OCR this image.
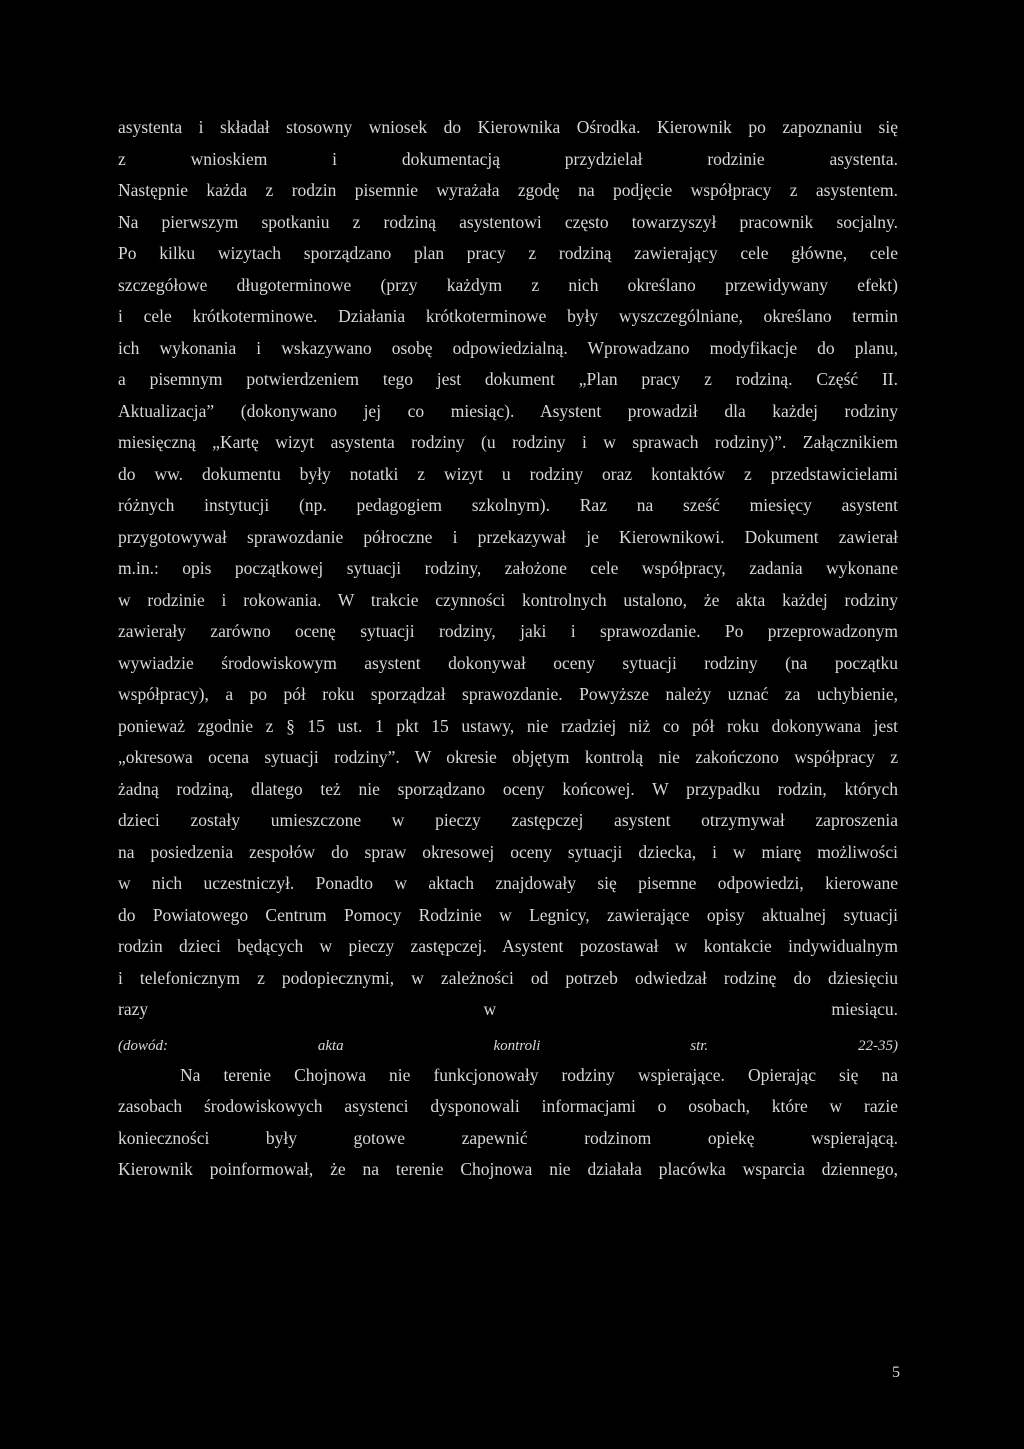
asystenta i składał stosowny wniosek do Kierownika Ośrodka. Kierownik po zapoznaniu się
z wnioskiem i dokumentacją przydzielał rodzinie asystenta.
Następnie każda z rodzin pisemnie wyrażała zgodę na podjęcie współpracy z asystentem.
Na pierwszym spotkaniu z rodziną asystentowi często towarzyszył pracownik socjalny.
Po kilku wizytach sporządzano plan pracy z rodziną zawierający cele główne, cele
szczegółowe długoterminowe (przy każdym z nich określano przewidywany efekt)
i cele krótkoterminowe. Działania krótkoterminowe były wyszczególniane, określano termin
ich wykonania i wskazywano osobę odpowiedzialną. Wprowadzano modyfikacje do planu,
a pisemnym potwierdzeniem tego jest dokument „Plan pracy z rodziną. Część II.
Aktualizacja” (dokonywano jej co miesiąc). Asystent prowadził dla każdej rodziny
miesięczną „Kartę wizyt asystenta rodziny (u rodziny i w sprawach rodziny)”. Załącznikiem
do ww. dokumentu były notatki z wizyt u rodziny oraz kontaktów z przedstawicielami
różnych instytucji (np. pedagogiem szkolnym). Raz na sześć miesięcy asystent
przygotowywał sprawozdanie półroczne i przekazywał je Kierownikowi. Dokument zawierał
m.in.: opis początkowej sytuacji rodziny, założone cele współpracy, zadania wykonane
w rodzinie i rokowania. W trakcie czynności kontrolnych ustalono, że akta każdej rodziny
zawierały zarówno ocenę sytuacji rodziny, jaki i sprawozdanie. Po przeprowadzonym
wywiadzie środowiskowym asystent dokonywał oceny sytuacji rodziny (na początku
współpracy), a po pół roku sporządzał sprawozdanie. Powyższe należy uznać za uchybienie,
ponieważ zgodnie z § 15 ust. 1 pkt 15 ustawy, nie rzadziej niż co pół roku dokonywana jest
„okresowa ocena sytuacji rodziny”. W okresie objętym kontrolą nie zakończono współpracy z
żadną rodziną, dlatego też nie sporządzano oceny końcowej. W przypadku rodzin, których
dzieci zostały umieszczone w pieczy zastępczej asystent otrzymywał zaproszenia
na posiedzenia zespołów do spraw okresowej oceny sytuacji dziecka, i w miarę możliwości
w nich uczestniczył. Ponadto w aktach znajdowały się pisemne odpowiedzi, kierowane
do Powiatowego Centrum Pomocy Rodzinie w Legnicy, zawierające opisy aktualnej sytuacji
rodzin dzieci będących w pieczy zastępczej. Asystent pozostawał w kontakcie indywidualnym
i telefonicznym z podopiecznymi, w zależności od potrzeb odwiedzał rodzinę do dziesięciu
razy w miesiącu.
(dowód: akta kontroli str. 22-35)
Na terenie Chojnowa nie funkcjonowały rodziny wspierające. Opierając się na
zasobach środowiskowych asystenci dysponowali informacjami o osobach, które w razie
konieczności były gotowe zapewnić rodzinom opiekę wspierającą.
Kierownik poinformował, że na terenie Chojnowa nie działała placówka wsparcia dziennego,
5
